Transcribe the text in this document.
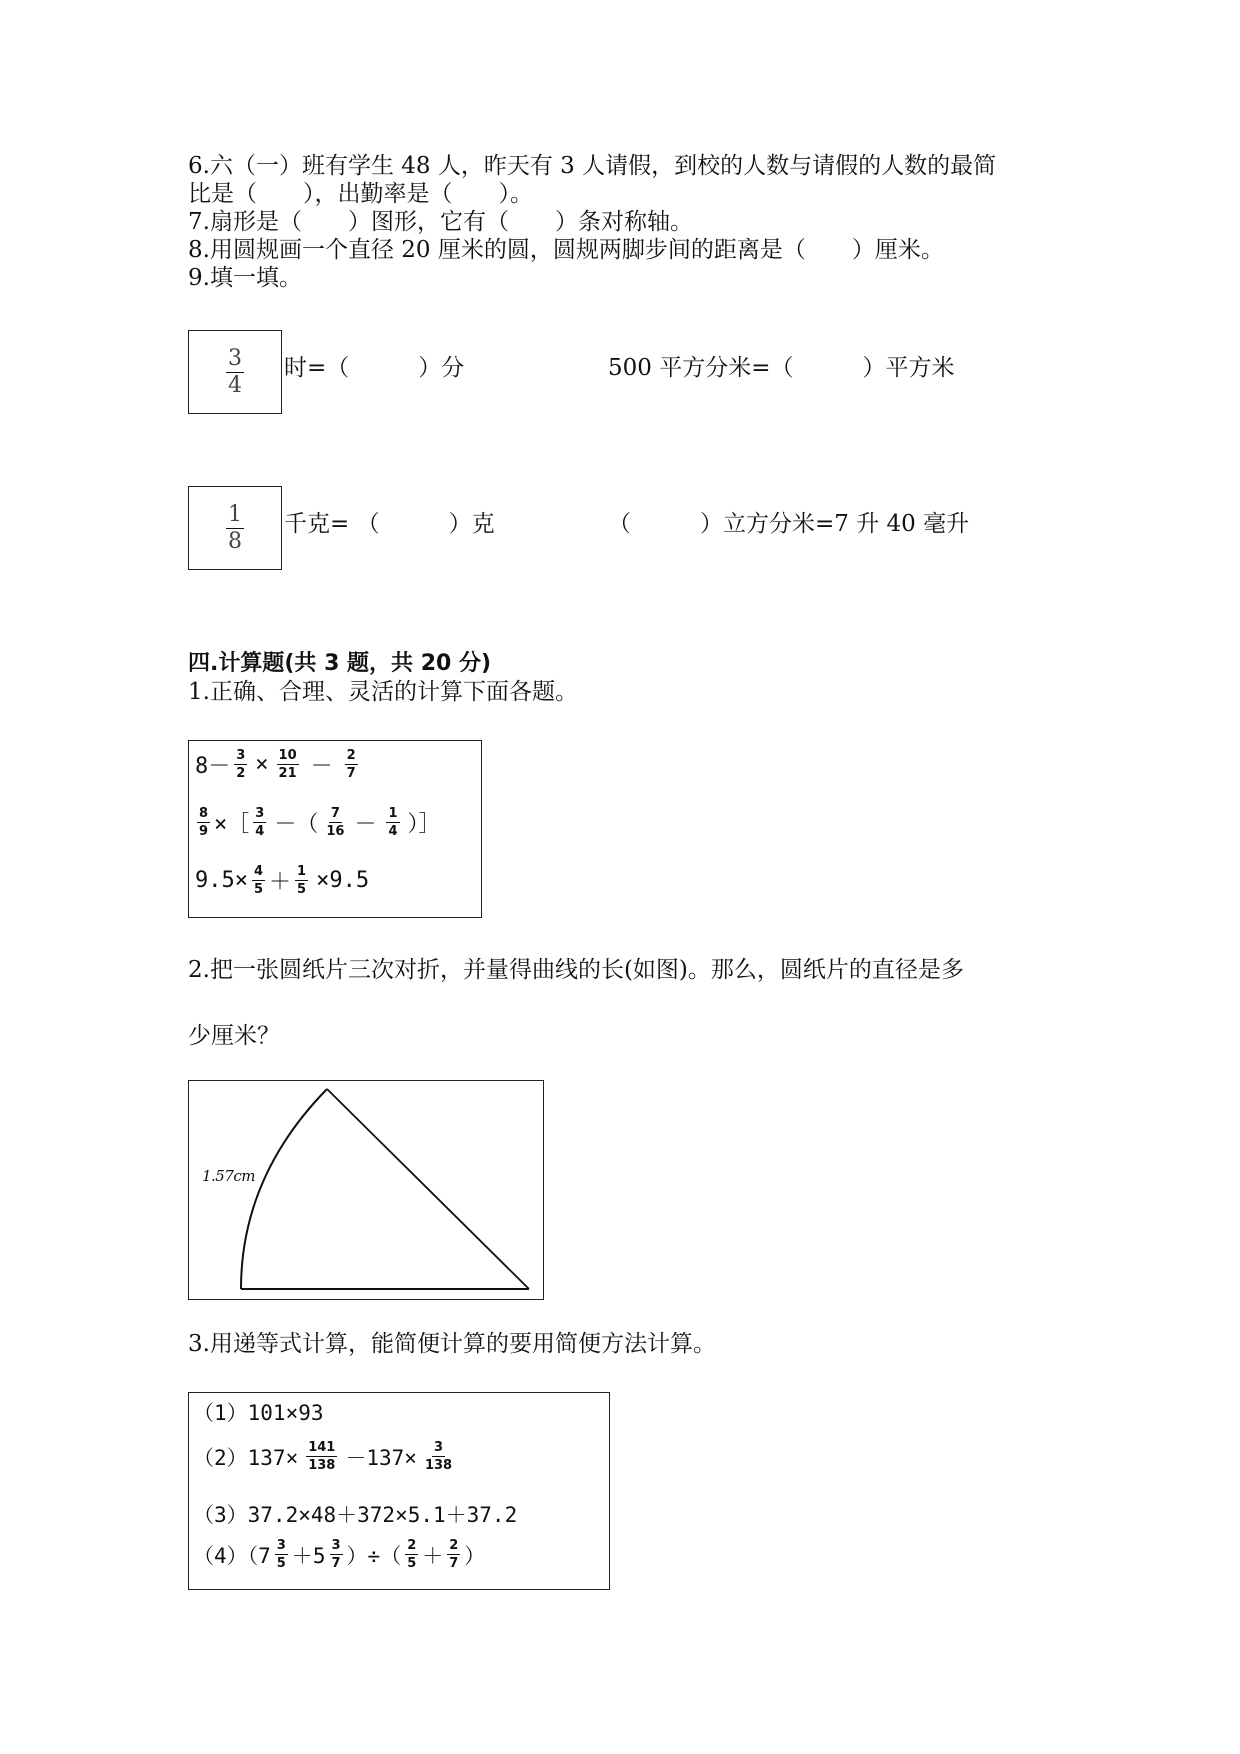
6.六（一）班有学生 48 人，昨天有 3 人请假，到校的人数与请假的人数的最简
比是（　　），出勤率是（　　）。
7.扇形是（　　）图形，它有（　　）条对称轴。
8.用圆规画一个直径 20 厘米的圆，圆规两脚步间的距离是（　　）厘米。
9.填一填。
$\frac{3}{4}$ 时=（　　　）分	500 平方分米=（　　　）平方米
$\frac{1}{8}$ 千克= （　　　）克	（　　　）立方分米=7 升 40 毫升
四.计算题(共 3 题，共 20 分)
1.正确、合理、灵活的计算下面各题。
$8- \frac{3}{2} \times \frac{10}{21} - \frac{2}{7}$
$\frac{8}{9}$ ×［ $\frac{3}{4}$ －（ $\frac{7}{16} - \frac{1}{4}$ ）］
$9.5\times \frac{4}{5} + \frac{1}{5} \times 9.5$
2.把一张圆纸片三次对折，并量得曲线的长(如图)。那么，圆纸片的直径是多
少厘米？
1.57cm
3.用递等式计算，能简便计算的要用简便方法计算。
（1）101×93
$(2)137\times \frac{141}{138} -137\times \frac{3}{138}$
（3）37.2×48＋372×5.1＋37.2
$(4)(7 \frac{3}{5} +5 \frac{3}{7}$ ）÷（ $\frac{2}{5} + \frac{2}{7}$ ）
